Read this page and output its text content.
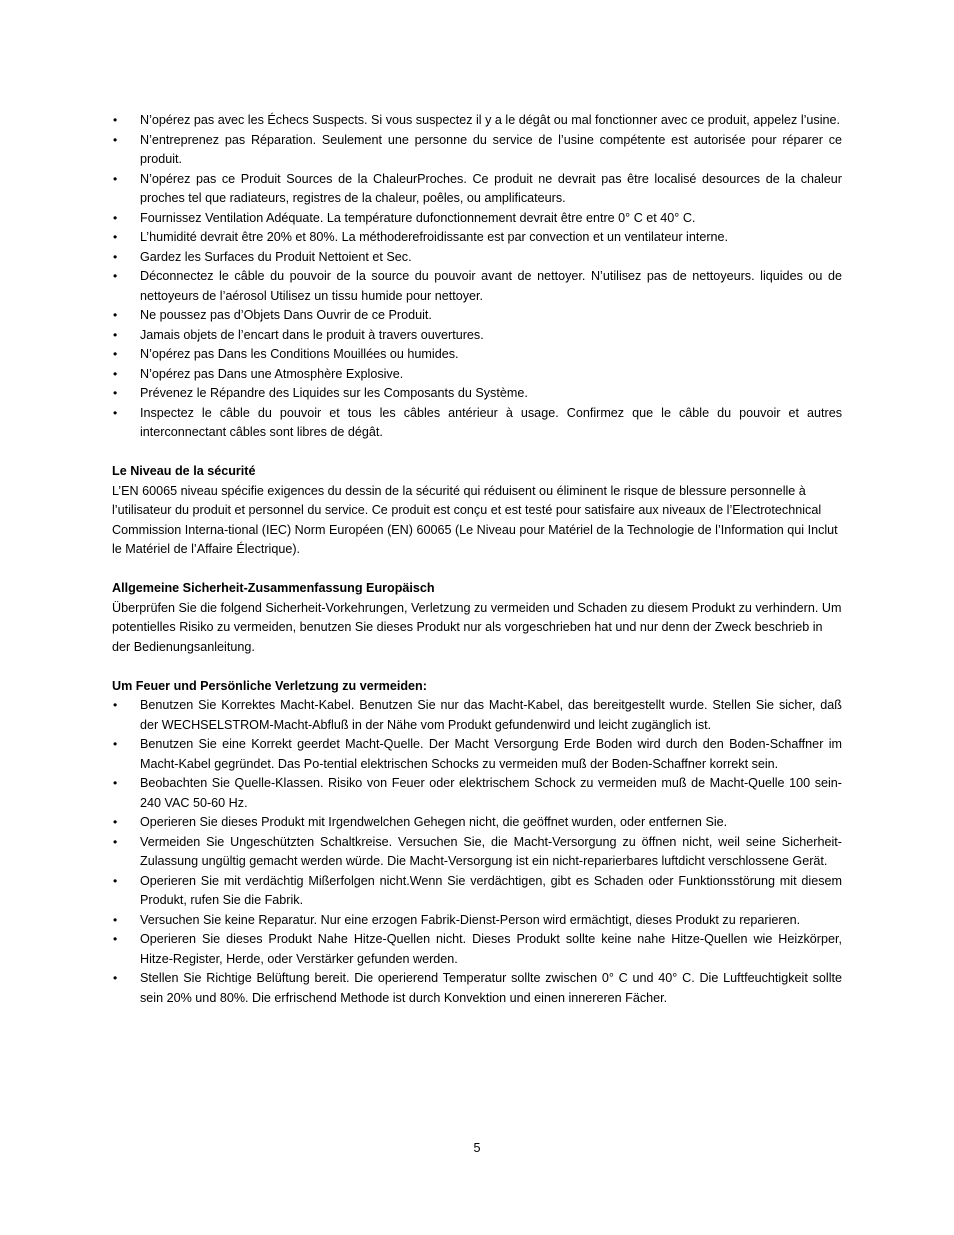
• N’opérez pas avec les Échecs Suspects. Si vous suspectez il y a le dégât ou mal fonctionner avec ce produit, appelez l’usine.
• N’entreprenez pas Réparation. Seulement une personne du service de l’usine compétente est autorisée pour réparer ce produit.
• N’opérez pas ce Produit Sources de la ChaleurProches. Ce produit ne devrait pas être localisé desources de la chaleur proches tel que radiateurs, registres de la chaleur, poêles, ou amplificateurs.
• Fournissez Ventilation Adéquate. La température dufonctionnement devrait être entre 0° C et 40° C.
• L’humidité devrait être 20% et 80%. La méthoderefroidissante est par convection et un ventilateur interne.
• Gardez les Surfaces du Produit Nettoient et Sec.
• Déconnectez le câble du pouvoir de la source du pouvoir avant de nettoyer. N’utilisez pas de nettoyeurs. liquides ou de nettoyeurs de l’aérosol Utilisez un tissu humide pour nettoyer.
• Ne poussez pas d’Objets Dans Ouvrir de ce Produit.
• Jamais objets de l’encart dans le produit à travers ouvertures.
• N’opérez pas Dans les Conditions Mouillées ou humides.
• N’opérez pas Dans une Atmosphère Explosive.
• Prévenez le Répandre des Liquides sur les Composants du Système.
• Inspectez le câble du pouvoir et tous les câbles antérieur à usage. Confirmez que le câble du pouvoir et autres interconnectant câbles sont libres de dégât.

Le Niveau de la sécurité

L’EN 60065 niveau spécifie exigences du dessin de la sécurité qui réduisent ou éliminent le risque de blessure personnelle à l’utilisateur du produit et personnel du service. Ce produit est conçu et est testé pour satisfaire aux niveaux de l’Electrotechnical Commission Interna-tional (IEC) Norm Européen (EN) 60065 (Le Niveau pour Matériel de la Technologie de l’Information qui Inclut le Matériel de l’Affaire Électrique).

Allgemeine Sicherheit-Zusammenfassung Europäisch

Überprüfen Sie die folgend Sicherheit-Vorkehrungen, Verletzung zu vermeiden und Schaden zu diesem Produkt zu verhindern. Um potentielles Risiko zu vermeiden, benutzen Sie dieses Produkt nur als vorgeschrieben hat und nur denn der Zweck beschrieb in der Bedienungsanleitung.

Um Feuer und Persönliche Verletzung zu vermeiden:

• Benutzen Sie Korrektes Macht-Kabel. Benutzen Sie nur das Macht-Kabel, das bereitgestellt wurde. Stellen Sie sicher, daß der WECHSELSTROM-Macht-Abfluß in der Nähe vom Produkt gefundenwird und leicht zugänglich ist.
• Benutzen Sie eine Korrekt geerdet Macht-Quelle. Der Macht Versorgung Erde Boden wird durch den Boden-Schaffner im Macht-Kabel gegründet. Das Po-tential elektrischen Schocks zu vermeiden muß der Boden-Schaffner korrekt sein.
• Beobachten Sie Quelle-Klassen. Risiko von Feuer oder elektrischem Schock zu vermeiden muß de Macht-Quelle 100 sein-240 VAC 50-60 Hz.
• Operieren Sie dieses Produkt mit Irgendwelchen Gehegen nicht, die geöffnet wurden, oder entfernen Sie.
• Vermeiden Sie Ungeschützten Schaltkreise. Versuchen Sie, die Macht-Versorgung zu öffnen nicht, weil seine Sicherheit-Zulassung ungültig gemacht werden würde. Die Macht-Versorgung ist ein nicht-reparierbares luftdicht verschlossene Gerät.
• Operieren Sie mit verdächtig Mißerfolgen nicht.Wenn Sie verdächtigen, gibt es Schaden oder Funktionsstörung mit diesem Produkt, rufen Sie die Fabrik.
• Versuchen Sie keine Reparatur. Nur eine erzogen Fabrik-Dienst-Person wird ermächtigt, dieses Produkt zu reparieren.
• Operieren Sie dieses Produkt Nahe Hitze-Quellen nicht. Dieses Produkt sollte keine nahe Hitze-Quellen wie Heizkörper, Hitze-Register, Herde, oder Verstärker gefunden werden.
• Stellen Sie Richtige Belüftung bereit. Die operierend Temperatur sollte zwischen 0° C und 40° C. Die Luftfeuchtigkeit sollte sein 20% und 80%. Die erfrischend Methode ist durch Konvektion und einen innereren Fächer.
5
